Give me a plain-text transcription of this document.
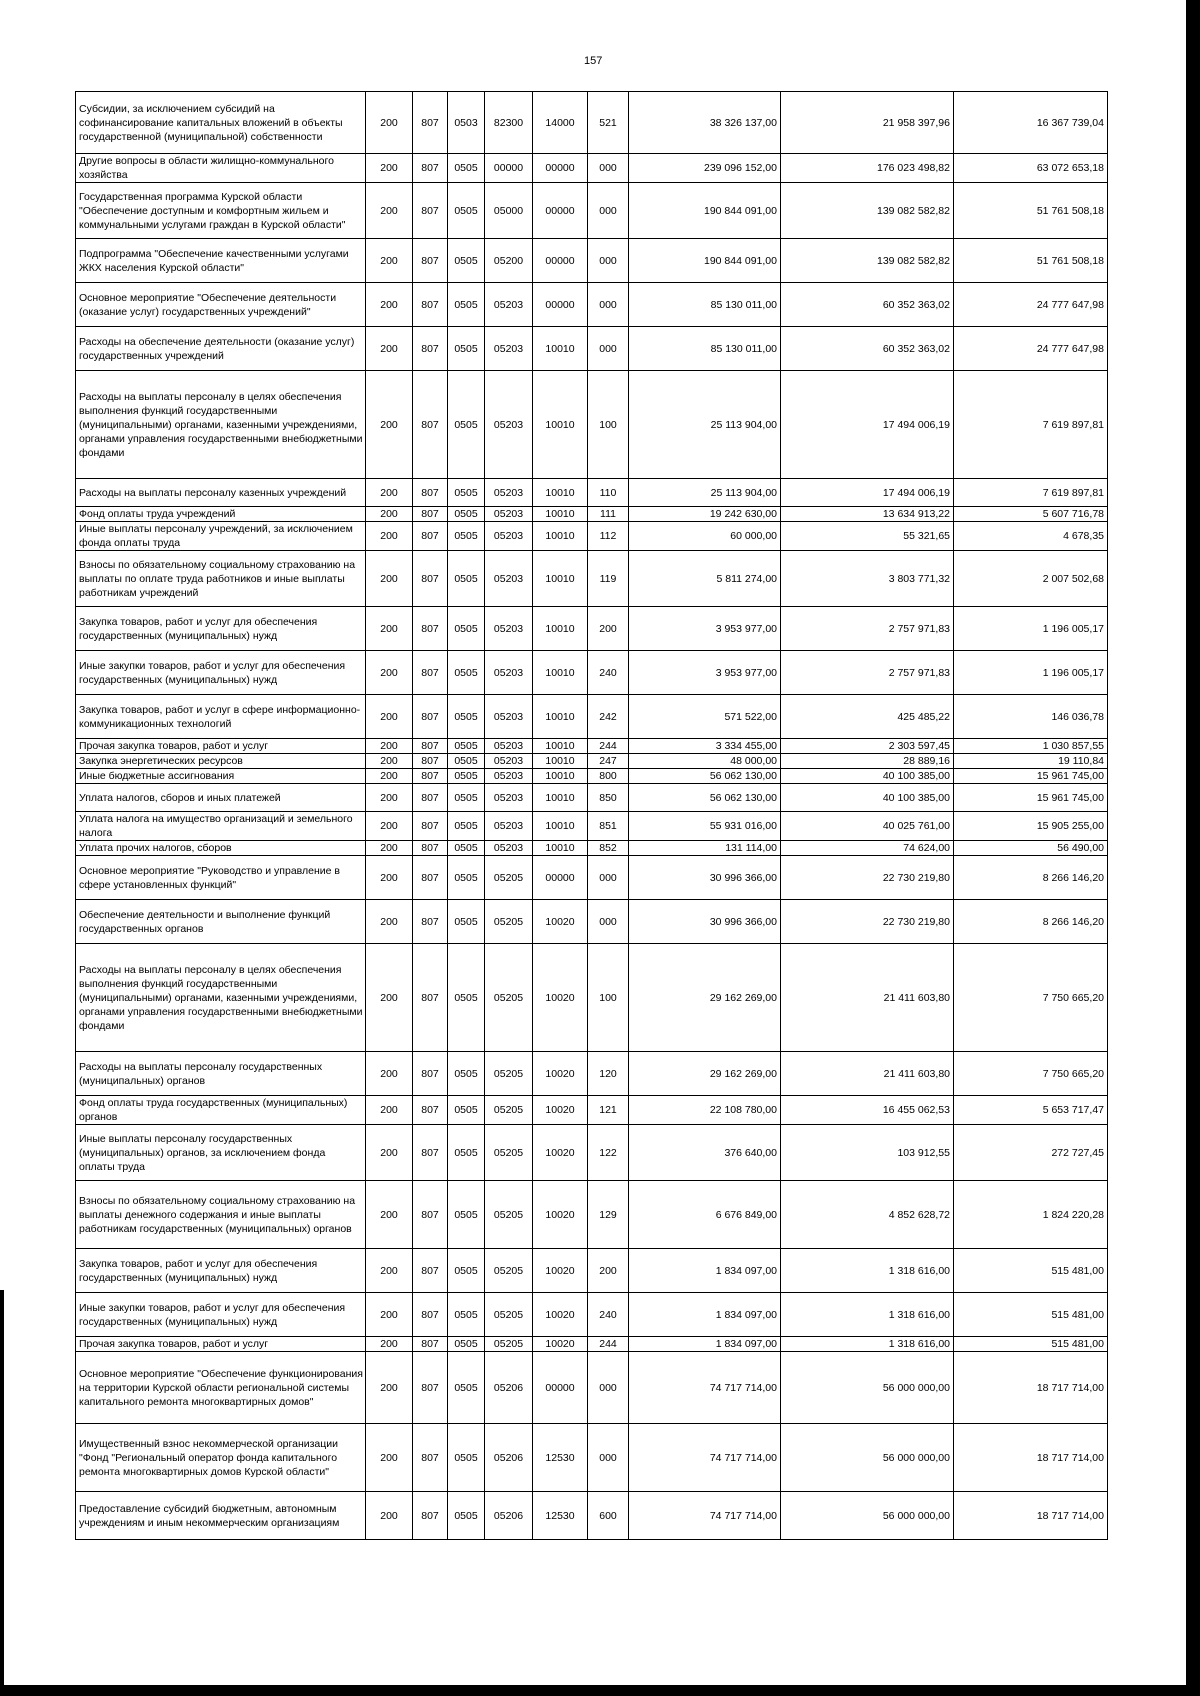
157
Субсидии, за исключением субсидий на софинансирование капитальных вложений в объекты государственной (муниципальной) собственности	200	807	0503	82300	14000	521	38 326 137,00	21 958 397,96	16 367 739,04
Другие вопросы в области жилищно-коммунального хозяйства	200	807	0505	00000	00000	000	239 096 152,00	176 023 498,82	63 072 653,18
Государственная программа Курской области "Обеспечение доступным и комфортным жильем и коммунальными услугами граждан в Курской области"	200	807	0505	05000	00000	000	190 844 091,00	139 082 582,82	51 761 508,18
Подпрограмма "Обеспечение качественными услугами ЖКХ населения Курской области"	200	807	0505	05200	00000	000	190 844 091,00	139 082 582,82	51 761 508,18
Основное мероприятие "Обеспечение деятельности (оказание услуг) государственных учреждений"	200	807	0505	05203	00000	000	85 130 011,00	60 352 363,02	24 777 647,98
Расходы на обеспечение деятельности (оказание услуг) государственных учреждений	200	807	0505	05203	10010	000	85 130 011,00	60 352 363,02	24 777 647,98
Расходы на выплаты персоналу в целях обеспечения выполнения функций государственными (муниципальными) органами, казенными учреждениями, органами управления государственными внебюджетными фондами	200	807	0505	05203	10010	100	25 113 904,00	17 494 006,19	7 619 897,81
Расходы на выплаты персоналу казенных учреждений	200	807	0505	05203	10010	110	25 113 904,00	17 494 006,19	7 619 897,81
Фонд оплаты труда учреждений	200	807	0505	05203	10010	111	19 242 630,00	13 634 913,22	5 607 716,78
Иные выплаты персоналу учреждений, за исключением фонда оплаты труда	200	807	0505	05203	10010	112	60 000,00	55 321,65	4 678,35
Взносы по обязательному социальному страхованию на выплаты по оплате труда работников и иные выплаты работникам учреждений	200	807	0505	05203	10010	119	5 811 274,00	3 803 771,32	2 007 502,68
Закупка товаров, работ и услуг для обеспечения государственных (муниципальных) нужд	200	807	0505	05203	10010	200	3 953 977,00	2 757 971,83	1 196 005,17
Иные закупки товаров, работ и услуг для обеспечения государственных (муниципальных) нужд	200	807	0505	05203	10010	240	3 953 977,00	2 757 971,83	1 196 005,17
Закупка товаров, работ и услуг в сфере информационно-коммуникационных технологий	200	807	0505	05203	10010	242	571 522,00	425 485,22	146 036,78
Прочая закупка товаров, работ и услуг	200	807	0505	05203	10010	244	3 334 455,00	2 303 597,45	1 030 857,55
Закупка энергетических ресурсов	200	807	0505	05203	10010	247	48 000,00	28 889,16	19 110,84
Иные бюджетные ассигнования	200	807	0505	05203	10010	800	56 062 130,00	40 100 385,00	15 961 745,00
Уплата налогов, сборов и иных платежей	200	807	0505	05203	10010	850	56 062 130,00	40 100 385,00	15 961 745,00
Уплата налога на имущество организаций и земельного налога	200	807	0505	05203	10010	851	55 931 016,00	40 025 761,00	15 905 255,00
Уплата прочих налогов, сборов	200	807	0505	05203	10010	852	131 114,00	74 624,00	56 490,00
Основное мероприятие "Руководство и управление в сфере установленных функций"	200	807	0505	05205	00000	000	30 996 366,00	22 730 219,80	8 266 146,20
Обеспечение деятельности и выполнение функций государственных органов	200	807	0505	05205	10020	000	30 996 366,00	22 730 219,80	8 266 146,20
Расходы на выплаты персоналу в целях обеспечения выполнения функций государственными (муниципальными) органами, казенными учреждениями, органами управления государственными внебюджетными фондами	200	807	0505	05205	10020	100	29 162 269,00	21 411 603,80	7 750 665,20
Расходы на выплаты персоналу государственных (муниципальных) органов	200	807	0505	05205	10020	120	29 162 269,00	21 411 603,80	7 750 665,20
Фонд оплаты труда государственных (муниципальных) органов	200	807	0505	05205	10020	121	22 108 780,00	16 455 062,53	5 653 717,47
Иные выплаты персоналу государственных (муниципальных) органов, за исключением фонда оплаты труда	200	807	0505	05205	10020	122	376 640,00	103 912,55	272 727,45
Взносы по обязательному социальному страхованию на выплаты денежного содержания и иные выплаты работникам государственных (муниципальных) органов	200	807	0505	05205	10020	129	6 676 849,00	4 852 628,72	1 824 220,28
Закупка товаров, работ и услуг для обеспечения государственных (муниципальных) нужд	200	807	0505	05205	10020	200	1 834 097,00	1 318 616,00	515 481,00
Иные закупки товаров, работ и услуг для обеспечения государственных (муниципальных) нужд	200	807	0505	05205	10020	240	1 834 097,00	1 318 616,00	515 481,00
Прочая закупка товаров, работ и услуг	200	807	0505	05205	10020	244	1 834 097,00	1 318 616,00	515 481,00
Основное мероприятие "Обеспечение функционирования на территории Курской области региональной системы капитального ремонта многоквартирных домов"	200	807	0505	05206	00000	000	74 717 714,00	56 000 000,00	18 717 714,00
Имущественный взнос некоммерческой организации "Фонд "Региональный оператор фонда капитального ремонта многоквартирных домов Курской области"	200	807	0505	05206	12530	000	74 717 714,00	56 000 000,00	18 717 714,00
Предоставление субсидий бюджетным, автономным учреждениям и иным некоммерческим организациям	200	807	0505	05206	12530	600	74 717 714,00	56 000 000,00	18 717 714,00
